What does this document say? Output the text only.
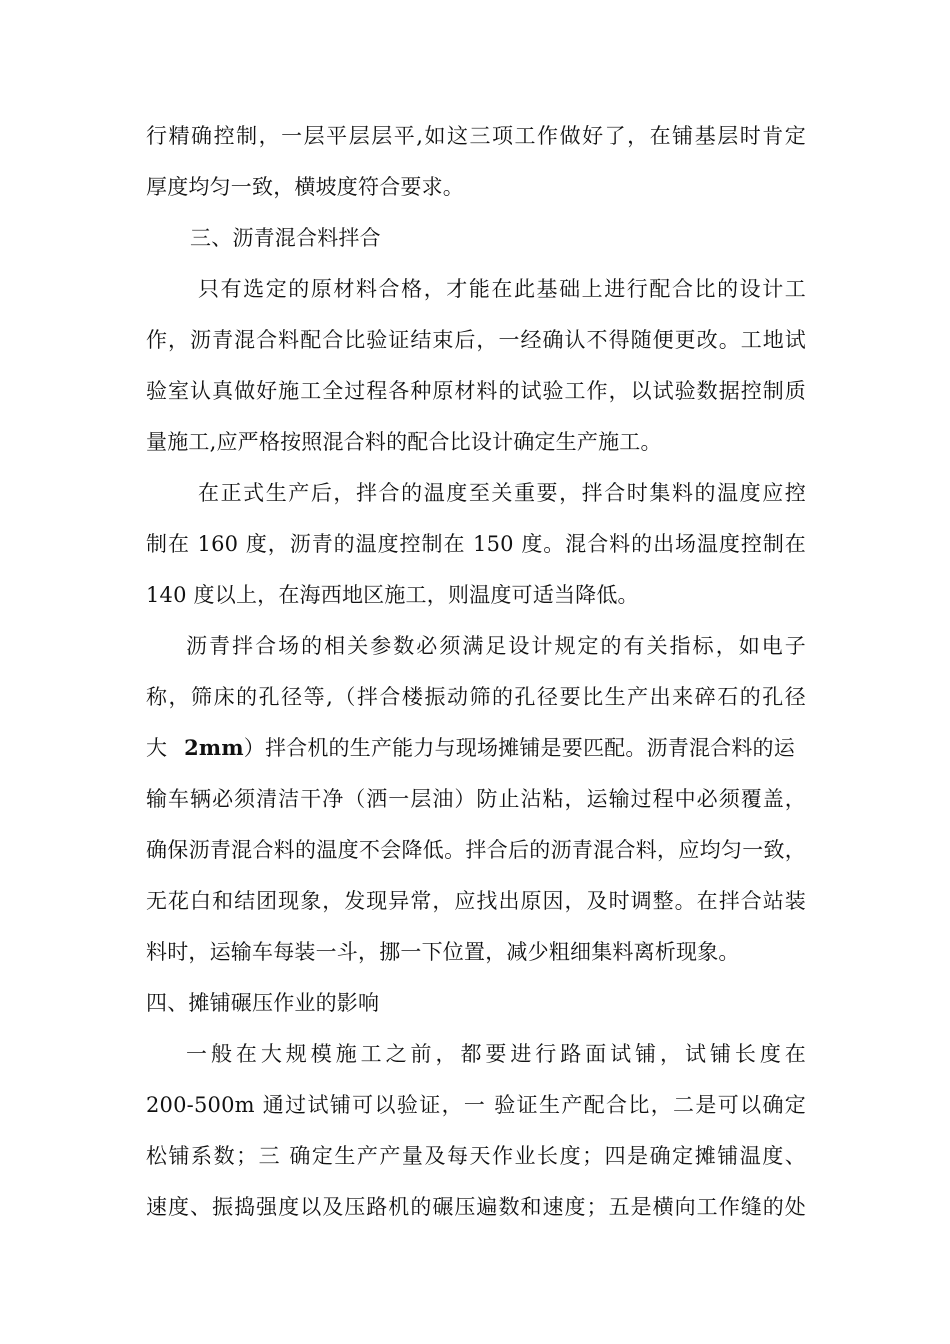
行精确控制，一层平层层平,如这三项工作做好了，在铺基层时肯定
厚度均匀一致，横坡度符合要求。
三、沥青混合料拌合
只有选定的原材料合格，才能在此基础上进行配合比的设计工
作，沥青混合料配合比验证结束后，一经确认不得随便更改。工地试
验室认真做好施工全过程各种原材料的试验工作，以试验数据控制质
量施工,应严格按照混合料的配合比设计确定生产施工。
在正式生产后，拌合的温度至关重要，拌合时集料的温度应控
制在 160 度，沥青的温度控制在 150 度。混合料的出场温度控制在
140 度以上，在海西地区施工，则温度可适当降低。
沥青拌合场的相关参数必须满足设计规定的有关指标，如电子
称，筛床的孔径等,（拌合楼振动筛的孔径要比生产出来碎石的孔径
大 2mm）拌合机的生产能力与现场摊铺是要匹配。沥青混合料的运
输车辆必须清洁干净（洒一层油）防止沾粘，运输过程中必须覆盖，
确保沥青混合料的温度不会降低。拌合后的沥青混合料，应均匀一致，
无花白和结团现象，发现异常，应找出原因，及时调整。在拌合站装
料时，运输车每装一斗，挪一下位置，减少粗细集料离析现象。
四、摊铺碾压作业的影响
一般在大规模施工之前，都要进行路面试铺，试铺长度在
200-500m 通过试铺可以验证，一 验证生产配合比，二是可以确定
松铺系数；三 确定生产产量及每天作业长度；四是确定摊铺温度、
速度、振捣强度以及压路机的碾压遍数和速度；五是横向工作缝的处
